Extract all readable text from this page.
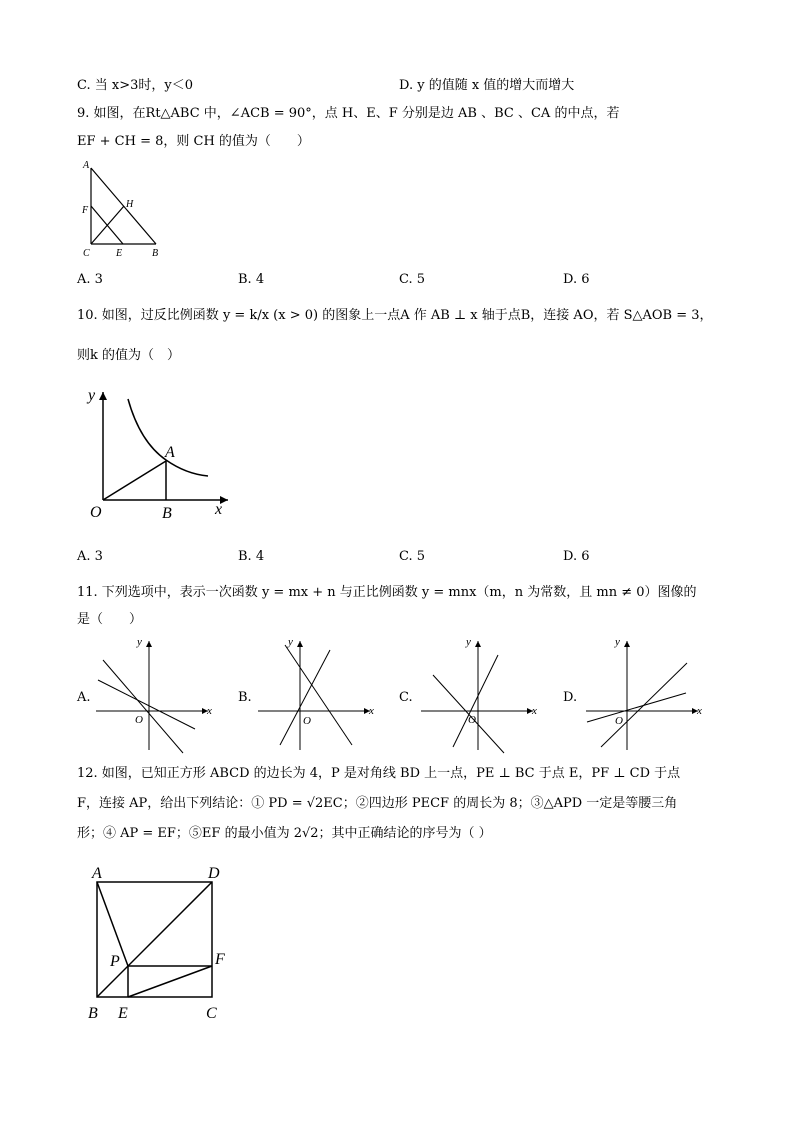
C. 当 x>3时，y＜0	D. y 的值随 x 值的增大而增大
9. 如图，在Rt△ABC 中，∠ACB = 90°，点 H、E、F 分别是边 AB 、BC 、CA 的中点，若
EF + CH = 8，则 CH 的值为（　　）
A
F
H
C	E	B
A. 3	B. 4	C. 5	D. 6
10. 如图，过反比例函数 y = k/x (x > 0) 的图象上一点A 作 AB ⊥ x 轴于点B，连接 AO，若 S△AOB = 3，
则k 的值为（　）
y
x
O	B
A
A. 3	B. 4	C. 5	D. 6
11. 下列选项中，表示一次函数 y = mx + n 与正比例函数 y = mnx（m，n 为常数，且 mn ≠ 0）图像的
是（　　）
A.
y
x
O
B.
y
x
O
C.
y
x
O
D.
y
x
O
12. 如图，已知正方形 ABCD 的边长为 4，P 是对角线 BD 上一点，PE ⊥ BC 于点 E，PF ⊥ CD 于点
F，连接 AP，给出下列结论：① PD = √2EC；②四边形 PECF 的周长为 8；③△APD 一定是等腰三角
形；④ AP = EF；⑤EF 的最小值为 2√2；其中正确结论的序号为（ ）
A	D
P	F
B E	C
